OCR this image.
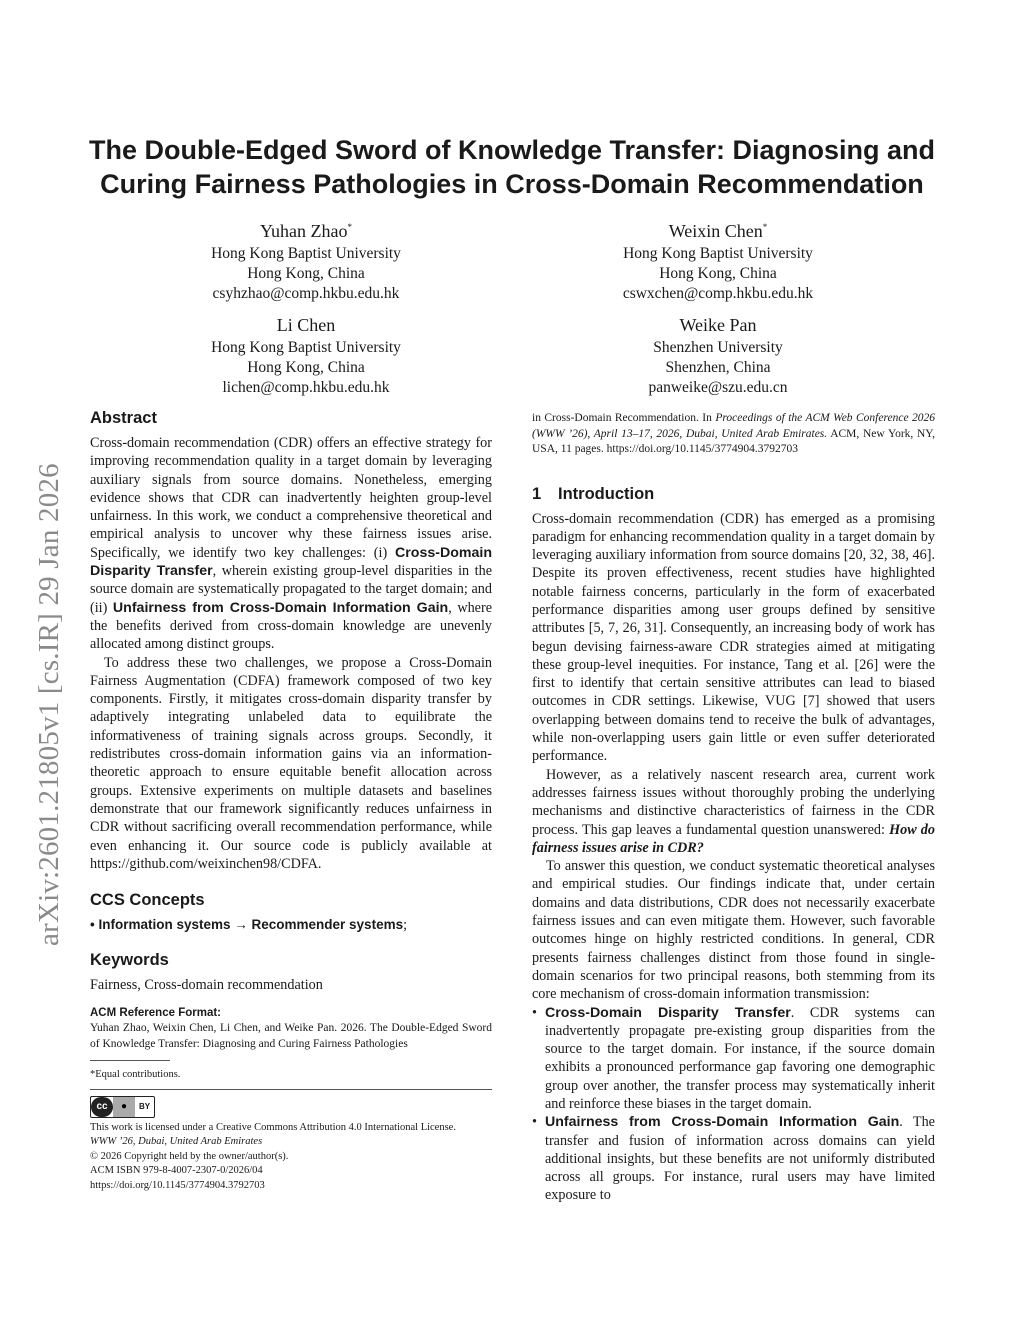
arXiv:2601.21805v1 [cs.IR] 29 Jan 2026
The Double-Edged Sword of Knowledge Transfer: Diagnosing and
Curing Fairness Pathologies in Cross-Domain Recommendation
Yuhan Zhao*
Hong Kong Baptist University
Hong Kong, China
csyhzhao@comp.hkbu.edu.hk
Weixin Chen*
Hong Kong Baptist University
Hong Kong, China
cswxchen@comp.hkbu.edu.hk
Li Chen
Hong Kong Baptist University
Hong Kong, China
lichen@comp.hkbu.edu.hk
Weike Pan
Shenzhen University
Shenzhen, China
panweike@szu.edu.cn
Abstract

Cross-domain recommendation (CDR) offers an effective strategy for improving recommendation quality in a target domain by leveraging auxiliary signals from source domains. Nonetheless, emerging evidence shows that CDR can inadvertently heighten group-level unfairness. In this work, we conduct a comprehensive theoretical and empirical analysis to uncover why these fairness issues arise. Specifically, we identify two key challenges: (i) Cross-Domain Disparity Transfer, wherein existing group-level disparities in the source domain are systematically propagated to the target domain; and (ii) Unfairness from Cross-Domain Information Gain, where the benefits derived from cross-domain knowledge are unevenly allocated among distinct groups.

To address these two challenges, we propose a Cross-Domain Fairness Augmentation (CDFA) framework composed of two key components. Firstly, it mitigates cross-domain disparity transfer by adaptively integrating unlabeled data to equilibrate the informativeness of training signals across groups. Secondly, it redistributes cross-domain information gains via an information-theoretic approach to ensure equitable benefit allocation across groups. Extensive experiments on multiple datasets and baselines demonstrate that our framework significantly reduces unfairness in CDR without sacrificing overall recommendation performance, while even enhancing it. Our source code is publicly available at https://github.com/weixinchen98/CDFA.

CCS Concepts

• Information systems → Recommender systems;

Keywords

Fairness, Cross-domain recommendation

ACM Reference Format:
Yuhan Zhao, Weixin Chen, Li Chen, and Weike Pan. 2026. The Double-Edged Sword of Knowledge Transfer: Diagnosing and Curing Fairness Pathologies
*Equal contributions.
cc	●	BY
This work is licensed under a Creative Commons Attribution 4.0 International License.
WWW ’26, Dubai, United Arab Emirates
© 2026 Copyright held by the owner/author(s).
ACM ISBN 979-8-4007-2307-0/2026/04
https://doi.org/10.1145/3774904.3792703
in Cross-Domain Recommendation. In Proceedings of the ACM Web Conference 2026 (WWW ’26), April 13–17, 2026, Dubai, United Arab Emirates. ACM, New York, NY, USA, 11 pages. https://doi.org/10.1145/3774904.3792703
1 Introduction

Cross-domain recommendation (CDR) has emerged as a promising paradigm for enhancing recommendation quality in a target domain by leveraging auxiliary information from source domains [20, 32, 38, 46]. Despite its proven effectiveness, recent studies have highlighted notable fairness concerns, particularly in the form of exacerbated performance disparities among user groups defined by sensitive attributes [5, 7, 26, 31]. Consequently, an increasing body of work has begun devising fairness-aware CDR strategies aimed at mitigating these group-level inequities. For instance, Tang et al. [26] were the first to identify that certain sensitive attributes can lead to biased outcomes in CDR settings. Likewise, VUG [7] showed that users overlapping between domains tend to receive the bulk of advantages, while non-overlapping users gain little or even suffer deteriorated performance.

However, as a relatively nascent research area, current work addresses fairness issues without thoroughly probing the underlying mechanisms and distinctive characteristics of fairness in the CDR process. This gap leaves a fundamental question unanswered: How do fairness issues arise in CDR?

To answer this question, we conduct systematic theoretical analyses and empirical studies. Our findings indicate that, under certain domains and data distributions, CDR does not necessarily exacerbate fairness issues and can even mitigate them. However, such favorable outcomes hinge on highly restricted conditions. In general, CDR presents fairness challenges distinct from those found in single-domain scenarios for two principal reasons, both stemming from its core mechanism of cross-domain information transmission:

• Cross-Domain Disparity Transfer. CDR systems can inadvertently propagate pre-existing group disparities from the source to the target domain. For instance, if the source domain exhibits a pronounced performance gap favoring one demographic group over another, the transfer process may systematically inherit and reinforce these biases in the target domain.
• Unfairness from Cross-Domain Information Gain. The transfer and fusion of information across domains can yield additional insights, but these benefits are not uniformly distributed across all groups. For instance, rural users may have limited exposure to
